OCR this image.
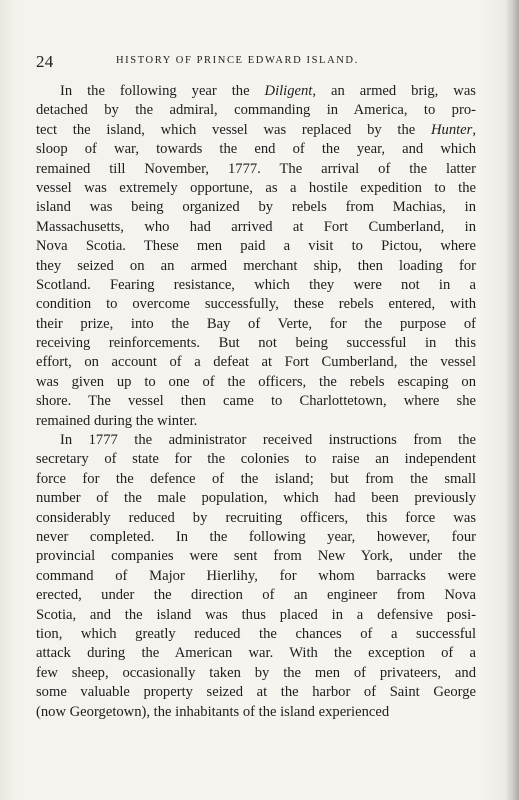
24	HISTORY OF PRINCE EDWARD ISLAND.
In the following year the Diligent, an armed brig, was
detached by the admiral, commanding in America, to pro-
tect the island, which vessel was replaced by the Hunter,
sloop of war, towards the end of the year, and which
remained till November, 1777. The arrival of the latter
vessel was extremely opportune, as a hostile expedition to the
island was being organized by rebels from Machias, in
Massachusetts, who had arrived at Fort Cumberland, in
Nova Scotia. These men paid a visit to Pictou, where
they seized on an armed merchant ship, then loading for
Scotland. Fearing resistance, which they were not in a
condition to overcome successfully, these rebels entered, with
their prize, into the Bay of Verte, for the purpose of
receiving reinforcements. But not being successful in this
effort, on account of a defeat at Fort Cumberland, the vessel
was given up to one of the officers, the rebels escaping on
shore. The vessel then came to Charlottetown, where she
remained during the winter.
In 1777 the administrator received instructions from the
secretary of state for the colonies to raise an independent
force for the defence of the island; but from the small
number of the male population, which had been previously
considerably reduced by recruiting officers, this force was
never completed. In the following year, however, four
provincial companies were sent from New York, under the
command of Major Hierlihy, for whom barracks were
erected, under the direction of an engineer from Nova
Scotia, and the island was thus placed in a defensive posi-
tion, which greatly reduced the chances of a successful
attack during the American war. With the exception of a
few sheep, occasionally taken by the men of privateers, and
some valuable property seized at the harbor of Saint George
(now Georgetown), the inhabitants of the island experienced
